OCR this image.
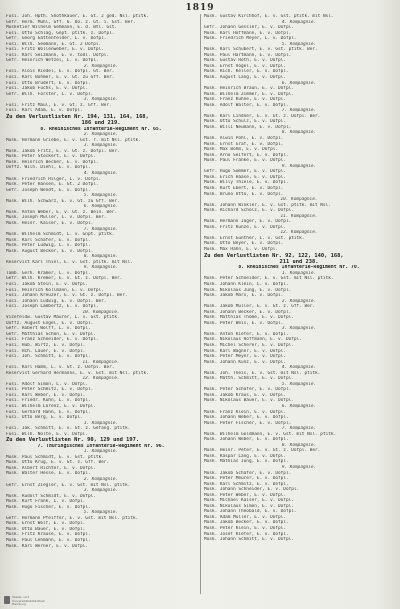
1819
Füsi. Joh. Hpth. Shöthkauer, E. Gt. 2 ged. Nsl. ptitk.
Gefr. Herm. Mühl, Gff. 6. Do. z. Gt. i. Gst. Ber.
Musketier Wilhelm Gehmann, E. d. Btl. Gst.
Füsi. Otto Schlag, Gnpt. ptitk. z. Dofpl.
Gefr. Georg Gattenfelder, L. v. Dofpl.
Füsi. Wilh. Seemann, E. Gt. 2 Dofpl.
Füsi. Fritz Wollenweber, E. v. Dofpl.
Füsi. Karl Seizmann, E. v. tödl. Dofpl.
Gefr. Heinrich Wetzel, L. v. Dofpl.
2. Kompagnie.
Füsi. Alois Riedel, E. v. Dofpl. Gt. Ber.
Füsi. Karl Böhmer, E. v. Gt. zu Gff. Ber.
Füsi. Otto Brudert, E. v. Dofpl.
Füsi. Jakob Fuchs, E. v. Dofpl.
Gefr. Wilh. Förster, L. v. Dofpl.
3. Kompagnie.
Füsi. Fritz Maul, E. v. Gt. z. Gff. Ber.
Füsi. Karl Adam, E. v. Dofpl.
Zu den Verlustlisten Nr. 194, 131, 164, 168,
186 und 219.
8. Rheinisches Infanterie-Regiment Nr. 65.
2. Kompagnie.
Musk. Hermann Griebe, E. v. Gst. r. mit Nsl. ptitk.
3. Kompagnie.
Musk. Jakob Fritz, E. v. Gt. z. Dofpl. Ber.
Musk. Peter Stockert, E. v. Dofpl.
Musk. Heinrich Becker, E. v. Dofpl.
Uoffz. Wilh. Diehl, E. v. Dofpl.
4. Kompagnie.
Musk. Friedrich Hilger, L. v. Dofpl.
Musk. Peter Hansen, E. Gt. 2 Dofpl.
Gefr. Joseph Wendt, E. v. Dofpl.
5. Kompagnie.
Musk. Wilh. Schwarz, E. v. Gt. zu Gff. Ber.
6. Kompagnie.
Musk. Anton Weber, E. v. Gt. z. Bein. Ber.
Musk. Joseph Müller, L. v. Dofpl. Ber.
Musk. Heinr. Kaiser, E. v. Dofpl.
7. Kompagnie.
Musk. Wilhelm Schmidt, L. v. Gnpt. ptitk.
Musk. Karl Schäfer, E. v. Dofpl.
Musk. Peter Ludwig, L. v. Dofpl.
Musk. August Becker, E. v. Dofpl.
8. Kompagnie.
Reservist Karl Thiel, E. v. Gst. ptitk. mit Nsl.
9. Kompagnie.
Tamb. Gerh. Krämer, L. v. Dofpl.
Gefr. Wilh. Kremer, E. v. Gt. z. Dofpl. Ber.
Füsi. Jakob Stein, E. v. Dofpl.
Füsi. Heinrich Kollmann, E. v. Dofpl.
Füsi. Johann Kreuzer, E. v. Gt. z. Dofpl. Ber.
Füsi. Johann Ludwig, E. v. Dofpl. Ber.
Füsi. Joseph Lambertz, E. v. Dofpl.
10. Kompagnie.
Vizefeldw. Gustav Maurer, L. v. Gst. ptitk.
Uoffz. August Engel, E. v. Dofpl.
Gefr. Robert Wolff, L. v. Dofpl.
Gefr. Matthias Schön, E. v. Dofpl.
Füsi. Franz Schneider, E. v. Dofpl.
Füsi. Hub. Wirtz, E. v. Dofpl.
Füsi. Hch. Lauer, E. v. Dofpl.
Füsi. Joh. Schmitt, E. v. Dofpl.
11. Kompagnie.
Füsi. Karl Hamm, L. v. Gt. z. Dofpl. Ber.
Reservist Gerhard Hermanns, E. v. Gst. mit Nsl. ptitk.
12. Kompagnie.
Füsi. Adolf Simon, L. v. Dofpl.
Füsi. Peter Schmitz, E. v. Dofpl.
Füsi. Karl Weber, E. v. Dofpl.
Füsi. Friedr. Kühn, L. v. Dofpl.
Füsi. Wilhelm Lorenz, E. v. Dofpl.
Füsi. Gerhard Hahn, E. v. Dofpl.
Füsi. Otto Berg, E. v. Dofpl.
1. Kompagnie.
Füsi. Jak. Schmitt, E. v. Gt. z. Gefang. ptitk.
Füsi. Wilh. Nolte, E. v. Dofpl.
Zu den Verlustlisten Nr. 90, 129 und 197.
7. Thüringisches Infanterie-Regiment Nr. 96.
1. Kompagnie.
Musk. Paul Schmidt, E. v. Gst. ptitk.
Musk. Otto Krug, E. v. Gt. z. Gff. Ber.
Musk. Albert Richter, E. v. Dofpl.
Musk. Walter Hesse, E. v. Dofpl.
2. Kompagnie.
Gefr. Ernst Ziegler, E. v. Gst. mit Nsl. ptitk.
3. Kompagnie.
Musk. Rudolf Schmidt, E. v. Dofpl.
Musk. Kurt Frank, L. v. Dofpl.
Musk. Hugo Fischer, E. v. Dofpl.
5. Kompagnie.
Gefr. Hermann Pfeiffer, E. v. Gst. mit Nsl. ptitk.
Musk. Ernst Wolf, E. v. Dofpl.
Musk. Otto Bauer, E. v. Dofpl.
Musk. Fritz Krause, E. v. Dofpl.
Musk. Paul Lehmann, E. v. Dofpl.
Musk. Karl Werner, E. v. Dofpl.
Musk. Gustav Kirchhof, E. v. Gst. ptitk. mit Nsl.
4. Kompagnie.
Gefr. Johann Gessler, E. v. Dofpl.
Musk. Karl Hoffmann, E. v. Dofpl.
Musk. Friedrich Meyer, L. v. Dofpl.
5. Kompagnie.
Musk. Karl Schubert, E. v. Gst. ptitk. Ber.
Musk. Paul Hartmann, E. v. Dofpl.
Musk. Gustav Roth, E. v. Dofpl.
Musk. Ernst Vogel, E. v. Dofpl.
Musk. Rich. Keller, E. v. Dofpl.
Musk. August Lang, E. v. Dofpl.
6. Kompagnie.
Musk. Heinrich Braun, E. v. Dofpl.
Musk. Wilhelm Zimmer, E. v. Dofpl.
Musk. Franz Kühne, E. v. Dofpl.
Musk. Adolf Walter, E. v. Dofpl.
7. Kompagnie.
Musk. Karl Lindner, E. v. Gt. z. Dofpl. Ber.
Musk. Otto Schulz, E. v. Dofpl.
Musk. Willi Neumann, E. v. Dofpl.
8. Kompagnie.
Musk. Alwin Pohl, E. v. Dofpl.
Musk. Ernst Graf, E. v. Dofpl.
Musk. Max Böhm, E. v. Dofpl.
Musk. Arno Seifert, E. v. Dofpl.
Musk. Paul Franke, E. v. Dofpl.
9. Kompagnie.
Gefr. Hugo Sommer, E. v. Dofpl.
Musk. Erich Haase, E. v. Dofpl.
Musk. Willy Thiele, E. v. Dofpl.
Musk. Kurt Ebert, E. v. Dofpl.
Musk. Bruno Otto, E. v. Dofpl.
10. Kompagnie.
Musk. Johann Winkler, E. v. Gst. ptitk. mit Nsl.
Musk. Richard Scholz, E. v. Dofpl.
11. Kompagnie.
Musk. Hermann Jäger, E. v. Dofpl.
Musk. Fritz Kunze, E. v. Dofpl.
12. Kompagnie.
Musk. Ernst Günther, L. v. Gst. ptitk.
Musk. Otto Beyer, E. v. Dofpl.
Musk. Max Hahn, E. v. Dofpl.
Zu den Verlustlisten Nr. 92, 122, 140, 168,
211 und 238.
8. Rheinisches Infanterie-Regiment Nr. 70.
1. Kompagnie.
Musk. Peter Schneider, E. v. Gst. mit Nsl. ptitk.
Musk. Johann Klein, L. v. Dofpl.
Musk. Nikolaus Jung, E. v. Dofpl.
Musk. Jakob Marx, E. v. Dofpl.
2. Kompagnie.
Musk. Jakob Müller, E. v. Gt. z. Gff. Ber.
Musk. Johann Becker, E. v. Dofpl.
Musk. Matthias Thome, E. v. Dofpl.
Musk. Peter Weis, E. v. Dofpl.
3. Kompagnie.
Musk. Anton Kiefer, E. v. Dofpl.
Musk. Nikolaus Hoffmann, E. v. Dofpl.
Musk. Michel Scherer, E. v. Dofpl.
Musk. Karl Wagner, E. v. Dofpl.
Musk. Peter Meyer, E. v. Dofpl.
Musk. Johann Kunz, E. v. Dofpl.
4. Kompagnie.
Musk. Joh. Theis, E. v. Gst. mit Nsl. ptitk.
Musk. Matth. Schmitt, E. v. Dofpl.
5. Kompagnie.
Musk. Peter Schäfer, E. v. Dofpl.
Musk. Jakob Kraus, E. v. Dofpl.
Musk. Nikolaus Bauer, E. v. Dofpl.
6. Kompagnie.
Musk. Franz Klein, E. v. Dofpl.
Musk. Johann Weber, E. v. Dofpl.
Musk. Peter Fischer, E. v. Dofpl.
7. Kompagnie.
Musk. Wilhelm Goldmann, E. v. Gst. mit Nsl. ptitk.
Musk. Johann Weber, E. v. Dofpl.
8. Kompagnie.
Musk. Heinr. Peter, E. v. Gt. z. Dofpl. Ber.
Musk. Kaspar Lang, E. v. Dofpl.
Musk. Mathias Jung, E. v. Dofpl.
9. Kompagnie.
Musk. Jakob Schäfer, E. v. Dofpl.
Musk. Peter Meurer, E. v. Dofpl.
Musk. Karl Schmitz, E. v. Dofpl.
Musk. Johann Schneider, E. v. Dofpl.
Musk. Peter Weber, E. v. Dofpl.
Musk. Michael Kaiser, E. v. Dofpl.
Musk. Nikolaus Simon, E. v. Dofpl.
Musk. Johann Theobald, E. v. Dofpl.
Musk. Adam Müller, E. v. Dofpl.
Musk. Jakob Becker, E. v. Dofpl.
Musk. Peter Klein, E. v. Dofpl.
Musk. Josef Kiefer, E. v. Dofpl.
Musk. Johann Schmitt, E. v. Dofpl.
Staats- und
Universitätsbibliothek
Hamburg
